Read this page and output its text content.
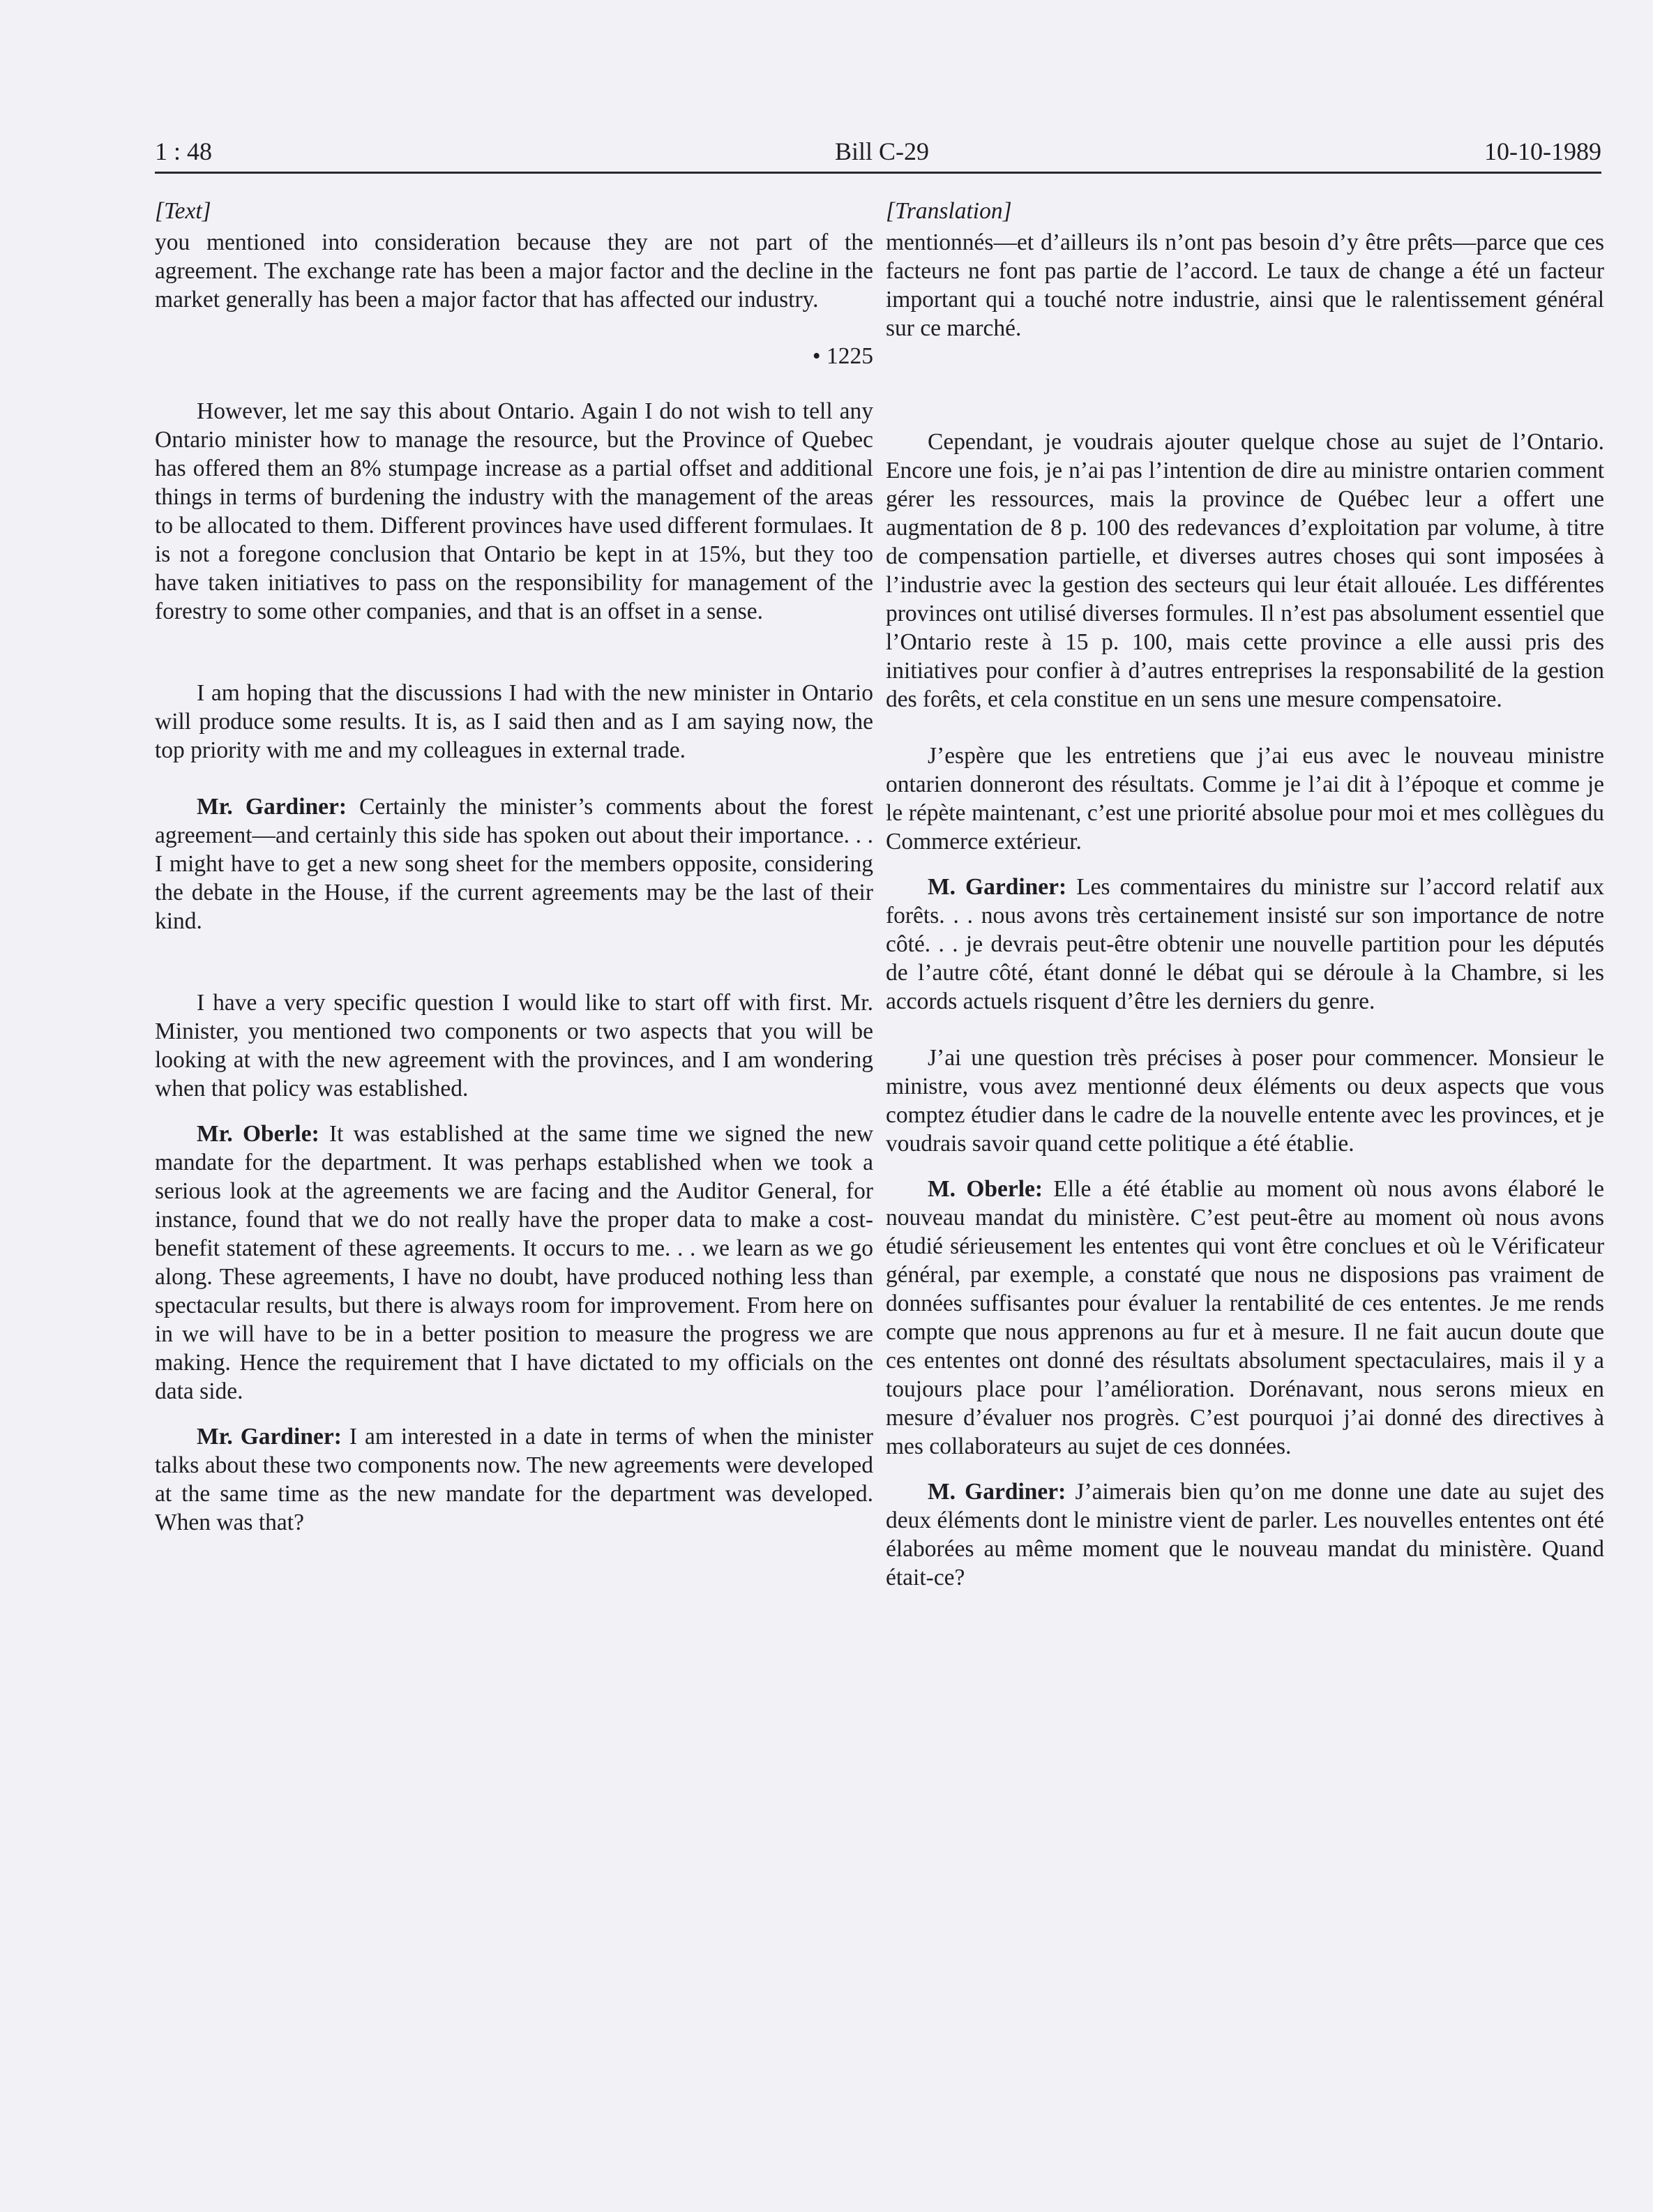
1 : 48	Bill C-29	10-10-1989
[Text]

you mentioned into consideration because they are not part of the agreement. The exchange rate has been a major factor and the decline in the market generally has been a major factor that has affected our industry.

• 1225

However, let me say this about Ontario. Again I do not wish to tell any Ontario minister how to manage the resource, but the Province of Quebec has offered them an 8% stumpage increase as a partial offset and additional things in terms of burdening the industry with the management of the areas to be allocated to them. Different provinces have used different formulaes. It is not a foregone conclusion that Ontario be kept in at 15%, but they too have taken initiatives to pass on the responsibility for management of the forestry to some other companies, and that is an offset in a sense.

I am hoping that the discussions I had with the new minister in Ontario will produce some results. It is, as I said then and as I am saying now, the top priority with me and my colleagues in external trade.

Mr. Gardiner: Certainly the minister’s comments about the forest agreement—and certainly this side has spoken out about their importance. . . I might have to get a new song sheet for the members opposite, considering the debate in the House, if the current agreements may be the last of their kind.

I have a very specific question I would like to start off with first. Mr. Minister, you mentioned two components or two aspects that you will be looking at with the new agreement with the provinces, and I am wondering when that policy was established.

Mr. Oberle: It was established at the same time we signed the new mandate for the department. It was perhaps established when we took a serious look at the agreements we are facing and the Auditor General, for instance, found that we do not really have the proper data to make a cost-benefit statement of these agreements. It occurs to me. . . we learn as we go along. These agreements, I have no doubt, have produced nothing less than spectacular results, but there is always room for improvement. From here on in we will have to be in a better position to measure the progress we are making. Hence the requirement that I have dictated to my officials on the data side.

Mr. Gardiner: I am interested in a date in terms of when the minister talks about these two components now. The new agreements were developed at the same time as the new mandate for the department was developed. When was that?

[Translation]

mentionnés—et d’ailleurs ils n’ont pas besoin d’y être prêts—parce que ces facteurs ne font pas partie de l’accord. Le taux de change a été un facteur important qui a touché notre industrie, ainsi que le ralentissement général sur ce marché.

Cependant, je voudrais ajouter quelque chose au sujet de l’Ontario. Encore une fois, je n’ai pas l’intention de dire au ministre ontarien comment gérer les ressources, mais la province de Québec leur a offert une augmentation de 8 p. 100 des redevances d’exploitation par volume, à titre de compensation partielle, et diverses autres choses qui sont imposées à l’industrie avec la gestion des secteurs qui leur était allouée. Les différentes provinces ont utilisé diverses formules. Il n’est pas absolument essentiel que l’Ontario reste à 15 p. 100, mais cette province a elle aussi pris des initiatives pour confier à d’autres entreprises la responsabilité de la gestion des forêts, et cela constitue en un sens une mesure compensatoire.

J’espère que les entretiens que j’ai eus avec le nouveau ministre ontarien donneront des résultats. Comme je l’ai dit à l’époque et comme je le répète maintenant, c’est une priorité absolue pour moi et mes collègues du Commerce extérieur.

M. Gardiner: Les commentaires du ministre sur l’accord relatif aux forêts. . . nous avons très certainement insisté sur son importance de notre côté. . . je devrais peut-être obtenir une nouvelle partition pour les députés de l’autre côté, étant donné le débat qui se déroule à la Chambre, si les accords actuels risquent d’être les derniers du genre.

J’ai une question très précises à poser pour commencer. Monsieur le ministre, vous avez mentionné deux éléments ou deux aspects que vous comptez étudier dans le cadre de la nouvelle entente avec les provinces, et je voudrais savoir quand cette politique a été établie.

M. Oberle: Elle a été établie au moment où nous avons élaboré le nouveau mandat du ministère. C’est peut-être au moment où nous avons étudié sérieusement les ententes qui vont être conclues et où le Vérificateur général, par exemple, a constaté que nous ne disposions pas vraiment de données suffisantes pour évaluer la rentabilité de ces ententes. Je me rends compte que nous apprenons au fur et à mesure. Il ne fait aucun doute que ces ententes ont donné des résultats absolument spectaculaires, mais il y a toujours place pour l’amélioration. Dorénavant, nous serons mieux en mesure d’évaluer nos progrès. C’est pourquoi j’ai donné des directives à mes collaborateurs au sujet de ces données.

M. Gardiner: J’aimerais bien qu’on me donne une date au sujet des deux éléments dont le ministre vient de parler. Les nouvelles ententes ont été élaborées au même moment que le nouveau mandat du ministère. Quand était-ce?
